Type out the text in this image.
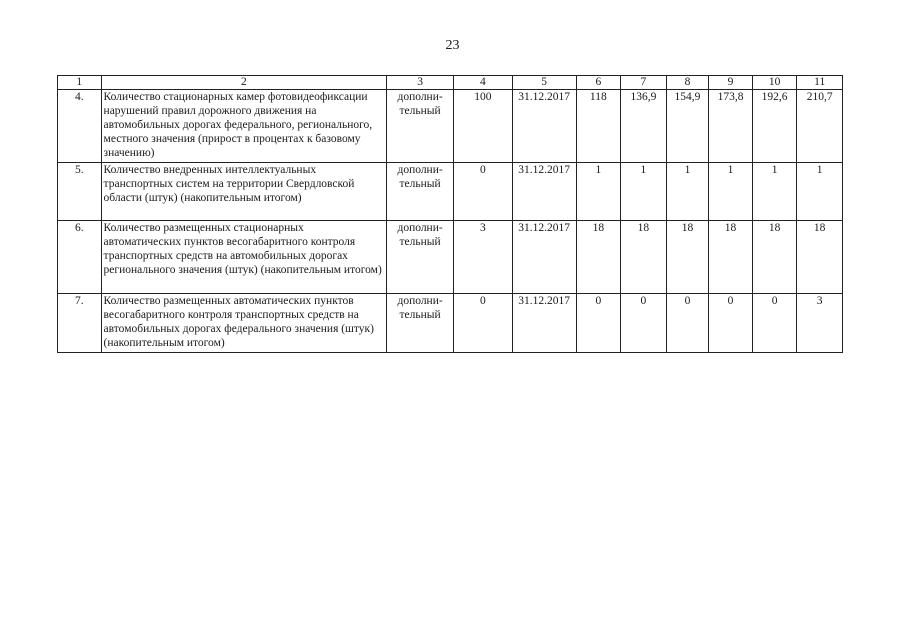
23
1	2	3	4	5	6	7	8	9	10	11
4.	Количество стационарных камер фотовидеофиксации нарушений правил дорожного движения на автомобильных дорогах федерального, регионального, местного значения (прирост в процентах к базовому значению)	дополни-тельный	100	31.12.2017	118	136,9	154,9	173,8	192,6	210,7
5.	Количество внедренных интеллектуальных транспортных систем на территории Свердловской области (штук) (накопительным итогом)	дополни-тельный	0	31.12.2017	1	1	1	1	1	1
6.	Количество размещенных стационарных автоматических пунктов весогабаритного контроля транспортных средств на автомобильных дорогах регионального значения (штук) (накопительным итогом)	дополни-тельный	3	31.12.2017	18	18	18	18	18	18
7.	Количество размещенных автоматических пунктов весогабаритного контроля транспортных средств на автомобильных дорогах федерального значения (штук) (накопительным итогом)	дополни-тельный	0	31.12.2017	0	0	0	0	0	3
